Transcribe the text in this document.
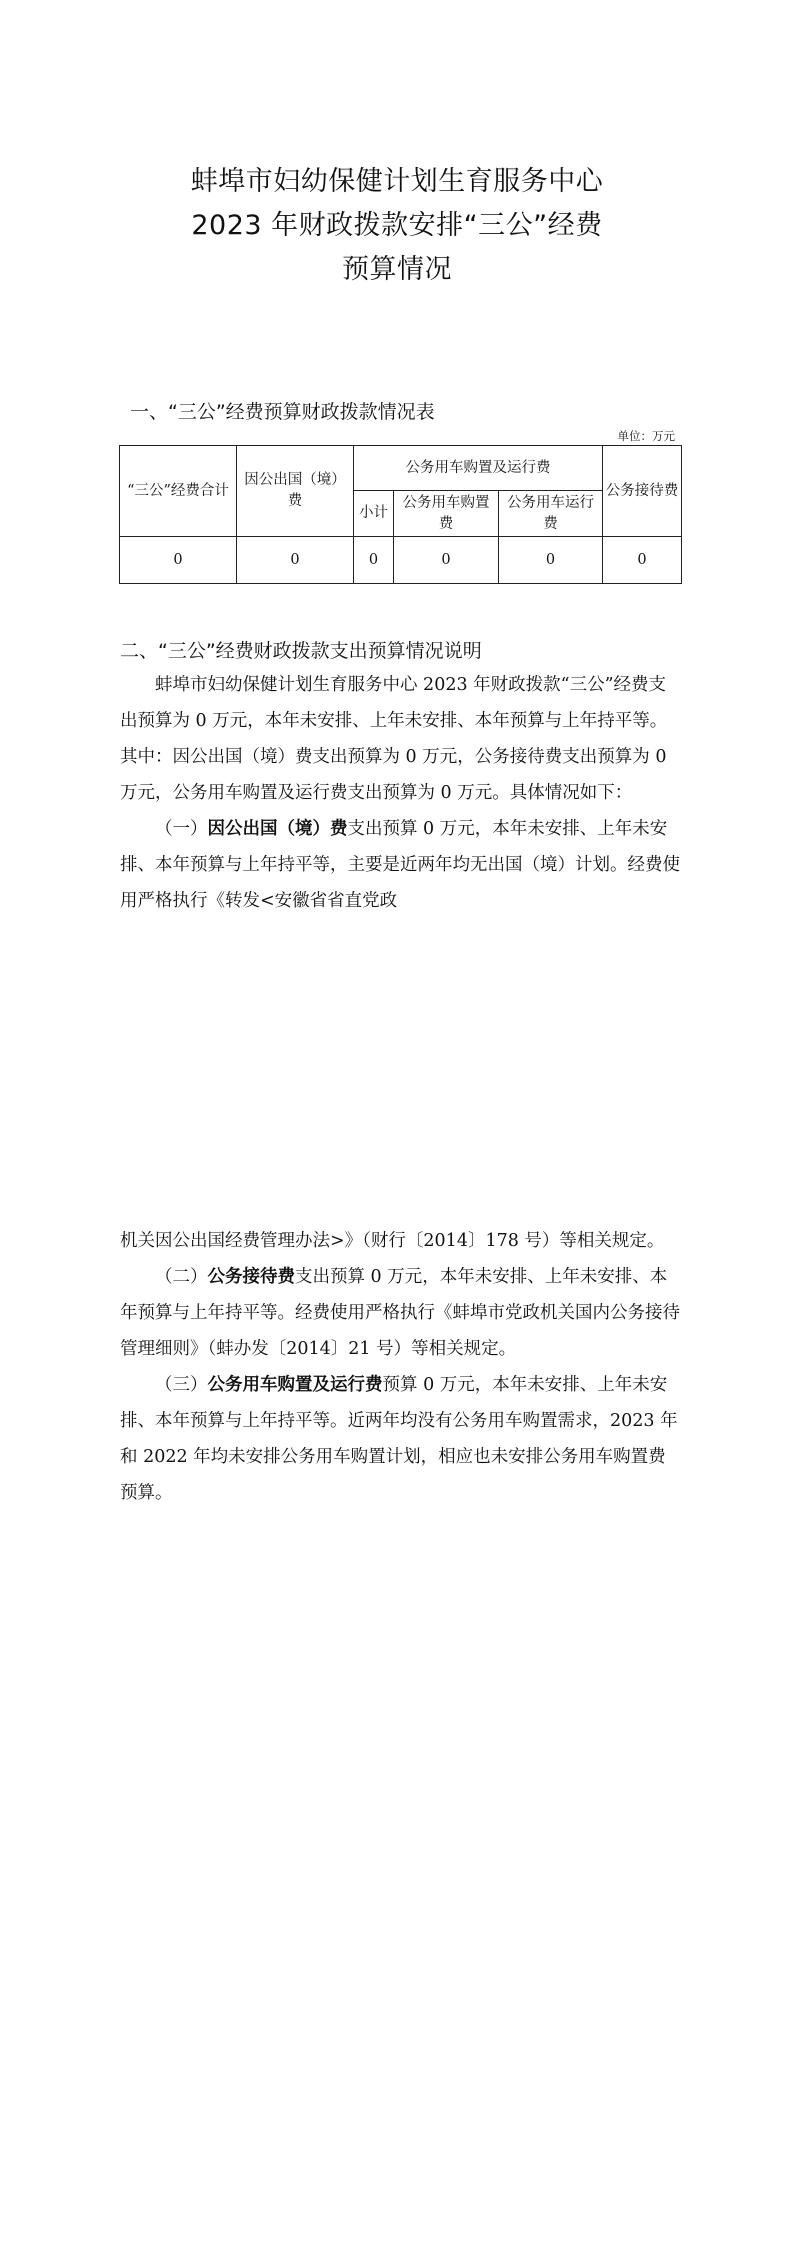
蚌埠市妇幼保健计划生育服务中心
2023 年财政拨款安排“三公”经费
预算情况
一、“三公”经费预算财政拨款情况表
单位：万元
“三公”经费合计	因公出国（境）费	公务用车购置及运行费			公务接待费
		小计	公务用车购置费	公务用车运行费	
0	0	0	0	0	0
二、“三公”经费财政拨款支出预算情况说明

蚌埠市妇幼保健计划生育服务中心 2023 年财政拨款“三公”经费支出预算为 0 万元，本年未安排、上年未安排、本年预算与上年持平等。其中：因公出国（境）费支出预算为 0 万元，公务接待费支出预算为 0 万元，公务用车购置及运行费支出预算为 0 万元。具体情况如下：

（一）因公出国（境）费支出预算 0 万元，本年未安排、上年未安排、本年预算与上年持平等，主要是近两年均无出国（境）计划。经费使用严格执行《转发<安徽省省直党政

机关因公出国经费管理办法>》（财行〔2014〕178 号）等相关规定。

（二）公务接待费支出预算 0 万元，本年未安排、上年未安排、本年预算与上年持平等。经费使用严格执行《蚌埠市党政机关国内公务接待管理细则》（蚌办发〔2014〕21 号）等相关规定。

（三）公务用车购置及运行费预算 0 万元，本年未安排、上年未安排、本年预算与上年持平等。近两年均没有公务用车购置需求，2023 年和 2022 年均未安排公务用车购置计划，相应也未安排公务用车购置费预算。
